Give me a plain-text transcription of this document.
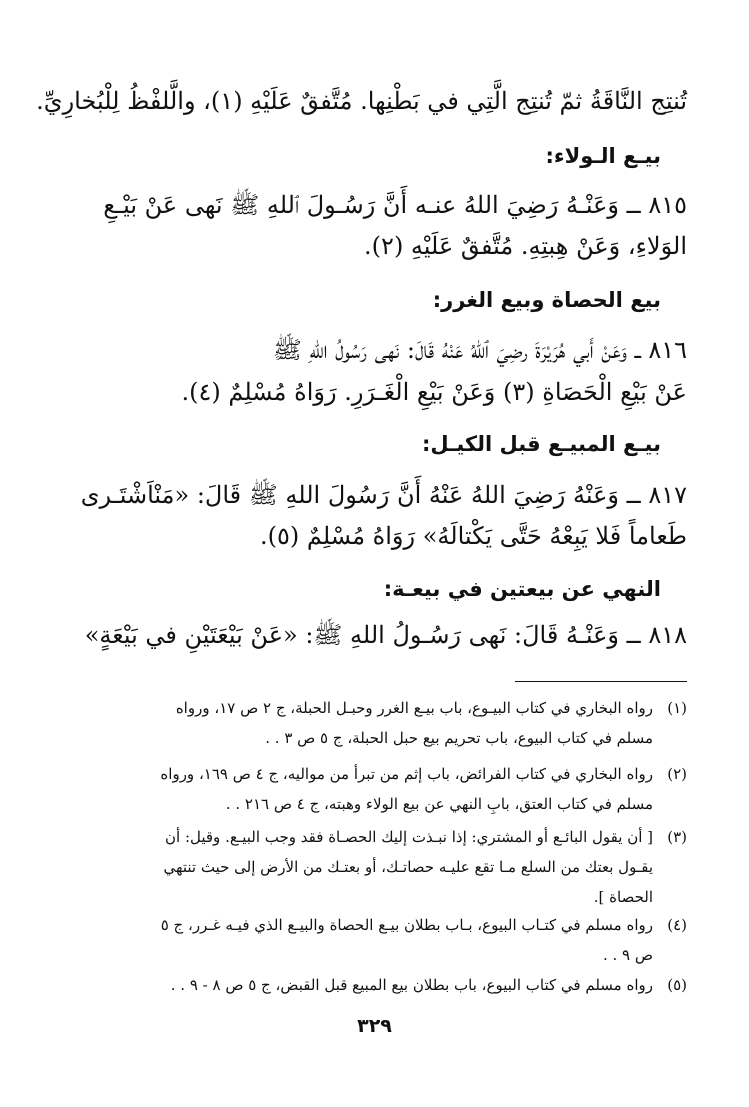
تُنتِج النَّاقَةُ ثمّ تُنتِج الَّتِي في بَطْنِها. مُتَّفقٌ عَلَيْهِ (١)، والَّلفْظُ لِلْبُخارِيِّ.

بيـع الـولاء:

٨١٥ ــ وَعَنْـهُ رَضِيَ اللهُ عنـه أَنَّ رَسُـولَ ٱللهِ ﷺ نَهى عَنْ بَيْـعِ

الوَلاءِ، وَعَنْ هِبتِهِ. مُتَّفقٌ عَلَيْهِ (٢).

بيع الحصاة وبيع الغرر:

٨١٦ ــ وَعَنْ أَبي هُرَيْرَةَ رضِيَ ٱللهُ عَنْهُ قَالَ: نَهى رَسُولُ اللهِ ﷺ

عَنْ بَيْعِ الْحَصَاةِ (٣) وَعَنْ بَيْعِ الْغَـرَرِ. رَوَاهُ مُسْلِمٌ (٤).

بيـع المبيـع قبل الكيـل:

٨١٧ ــ وَعَنْهُ رَضِيَ اللهُ عَنْهُ أَنَّ رَسُولَ اللهِ ﷺ قَالَ: «مَنْاَشْتَـرى

طَعاماً فَلا يَبِعْهُ حَتَّى يَكْتالَهُ» رَوَاهُ مُسْلِمٌ (٥).

النهي عن بيعتين في بيعـة:

٨١٨ ــ وَعَنْـهُ قَالَ: نَهى رَسُـولُ اللهِ ﷺ: «عَنْ بَيْعَتَيْنِ في بَيْعَةٍ»

(١)رواه البخاري في كتاب البيـوع، باب بيـع الغرر وحبـل الحبلة، ج ٢ ص ١٧، ورواه
مسلم في كتاب البيوع، باب تحريم بيع حبل الحبلة، ج ٥ ص ٣ . .
(٢)رواه البخاري في كتاب الفرائض، باب إثم من تبرأ من مواليه، ج ٤ ص ١٦٩، ورواه
مسلم في كتاب العتق، بابِ النهي عن بيع الولاء وهبته، ج ٤ ص ٢١٦ . .
(٣)[ أن يقول البائـع أو المشتري: إذا نبـذت إليك الحصـاة فقد وجب البيـع. وقيل: أن
يقـول بعتك من السلع مـا تقع عليـه حصاتـك، أو بعتـك من الأرض إلى حيث تنتهي
الحصاة ].
(٤)رواه مسلم في كتـاب البيوع، بـاب بطلان بيـع الحصاة والبيـع الذي فيـه غـرر، ج ٥
ص ٩ . .
(٥)رواه مسلم في كتاب البيوع، باب بطلان بيع المبيع قبل القبض، ج ٥ ص ٨ - ٩ . .
٣٢٩
